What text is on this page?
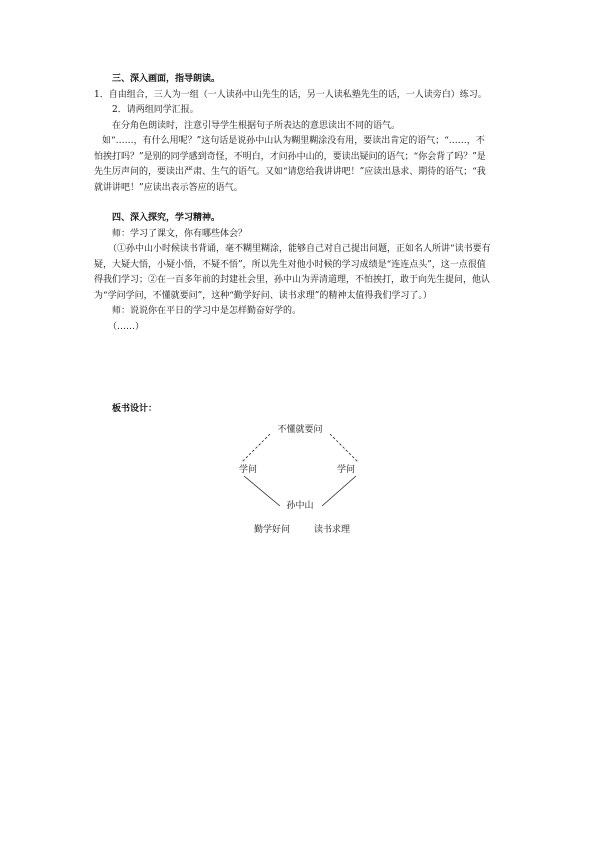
三、深入画面，指导朗读。

1．自由组合，三人为一组（一人读孙中山先生的话，另一人读私塾先生的话，一人读旁白）练习。

2．请两组同学汇报。

在分角色朗读时，注意引导学生根据句子所表达的意思读出不同的语气。

如“……，有什么用呢？”这句话是说孙中山认为糊里糊涂没有用，要读出肯定的语气；“……，不怕挨打吗？”是别的同学感到奇怪，不明白，才问孙中山的，要读出疑问的语气；“你会背了吗？”是先生厉声问的，要读出严肃、生气的语气。又如“请您给我讲讲吧！”应读出恳求、期待的语气；“我就讲讲吧！”应读出表示答应的语气。

四、深入探究，学习精神。

师：学习了课文，你有哪些体会？

（①孙中山小时候读书背诵，毫不糊里糊涂，能够自己对自己提出问题，正如名人所讲“读书要有疑，大疑大悟，小疑小悟，不疑不悟”，所以先生对他小时候的学习成绩是“连连点头”，这一点很值得我们学习；②在一百多年前的封建社会里，孙中山为弄清道理，不怕挨打，敢于向先生提问，他认为“学问学问，不懂就要问”，这种“勤学好问、读书求理”的精神太值得我们学习了。）

师：说说你在平日的学习中是怎样勤奋好学的。

（……）

板书设计：
不懂就要问
学问	学问
孙中山
勤学好问	读书求理
